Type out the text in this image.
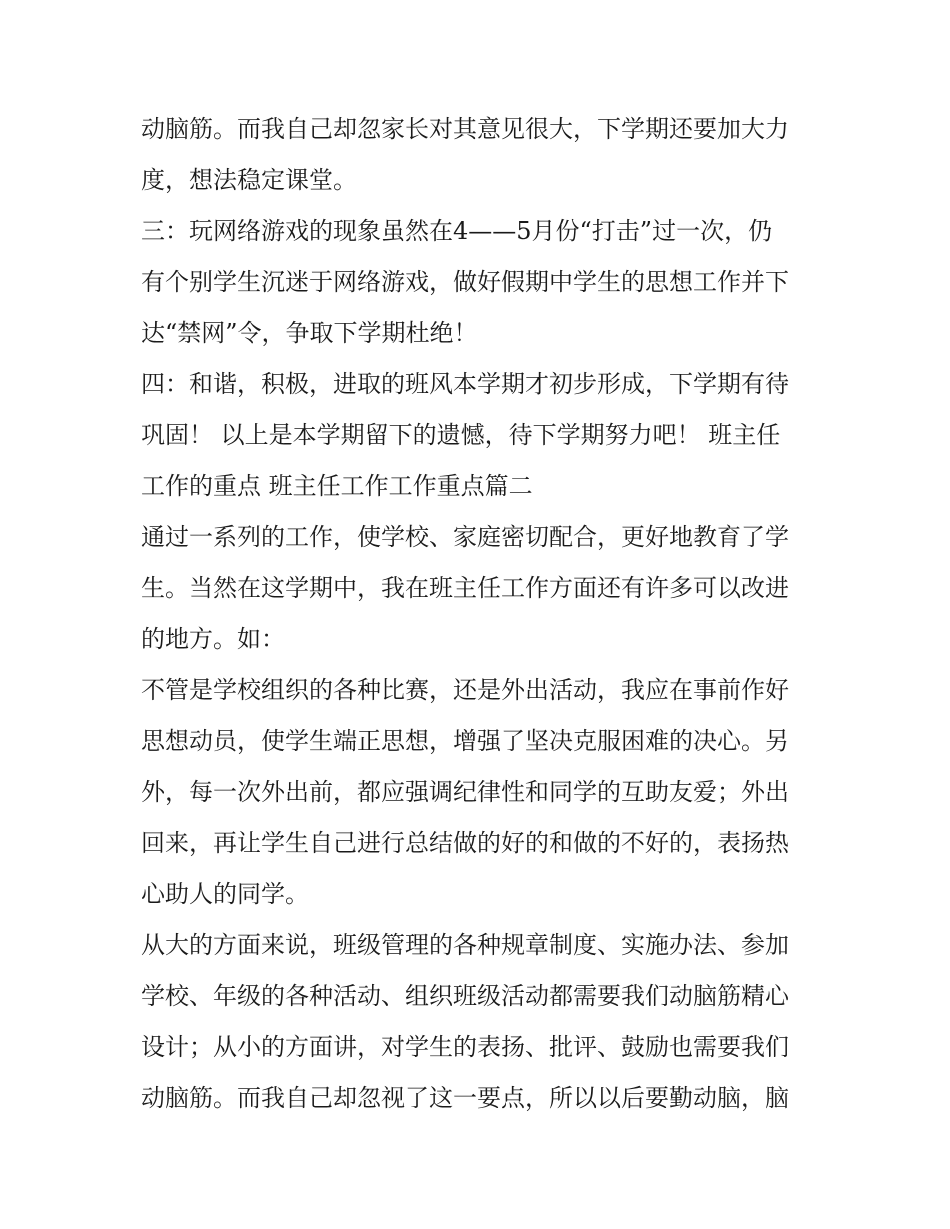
动脑筋。而我自己却忽家长对其意见很大，下学期还要加大力

度，想法稳定课堂。

三：玩网络游戏的现象虽然在4——5月份“打击”过一次，仍

有个别学生沉迷于网络游戏，做好假期中学生的思想工作并下

达“禁网”令，争取下学期杜绝！

四：和谐，积极，进取的班风本学期才初步形成，下学期有待

巩固！ 以上是本学期留下的遗憾，待下学期努力吧！ 班主任

工作的重点 班主任工作工作重点篇二

通过一系列的工作，使学校、家庭密切配合，更好地教育了学

生。当然在这学期中，我在班主任工作方面还有许多可以改进

的地方。如：

不管是学校组织的各种比赛，还是外出活动，我应在事前作好

思想动员，使学生端正思想，增强了坚决克服困难的决心。另

外，每一次外出前，都应强调纪律性和同学的互助友爱；外出

回来，再让学生自己进行总结做的好的和做的不好的，表扬热

心助人的同学。

从大的方面来说，班级管理的各种规章制度、实施办法、参加

学校、年级的各种活动、组织班级活动都需要我们动脑筋精心

设计；从小的方面讲，对学生的表扬、批评、鼓励也需要我们

动脑筋。而我自己却忽视了这一要点，所以以后要勤动脑，脑
